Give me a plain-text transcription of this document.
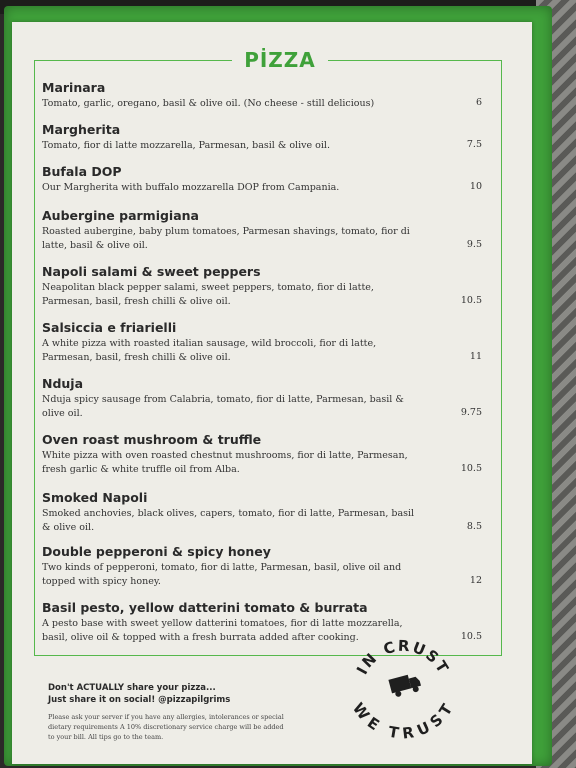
PİZZA
Marinara
Tomato, garlic, oregano, basil & olive oil. (No cheese - still delicious)	6
Margherita
Tomato, fior di latte mozzarella, Parmesan, basil & olive oil.	7.5
Bufala DOP
Our Margherita with buffalo mozzarella DOP from Campania.	10
Aubergine parmigiana
Roasted aubergine, baby plum tomatoes, Parmesan shavings, tomato, fior di latte, basil & olive oil.	9.5
Napoli salami & sweet peppers
Neapolitan black pepper salami, sweet peppers, tomato, fior di latte, Parmesan, basil, fresh chilli & olive oil.	10.5
Salsiccia e friarielli
A white pizza with roasted italian sausage, wild broccoli, fior di latte, Parmesan, basil, fresh chilli & olive oil.	11
Nduja
Nduja spicy sausage from Calabria, tomato, fior di latte, Parmesan, basil & olive oil.	9.75
Oven roast mushroom & truffle
White pizza with oven roasted chestnut mushrooms, fior di latte, Parmesan, fresh garlic & white truffle oil from Alba.	10.5
Smoked Napoli
Smoked anchovies, black olives, capers, tomato, fior di latte, Parmesan, basil & olive oil.	8.5
Double pepperoni & spicy honey
Two kinds of pepperoni, tomato, fior di latte, Parmesan, basil, olive oil and topped with spicy honey.	12
Basil pesto, yellow datterini tomato & burrata
A pesto base with sweet yellow datterini tomatoes, fior di latte mozzarella, basil, olive oil & topped with a fresh burrata added after cooking.	10.5
Don't ACTUALLY share your pizza...
Just share it on social! @pizzapilgrims
Please ask your server if you have any allergies, intolerances or special dietary requirements A 10% discretionary service charge will be added to your bill. All tips go to the team.
IN CRUST
WE TRUST
